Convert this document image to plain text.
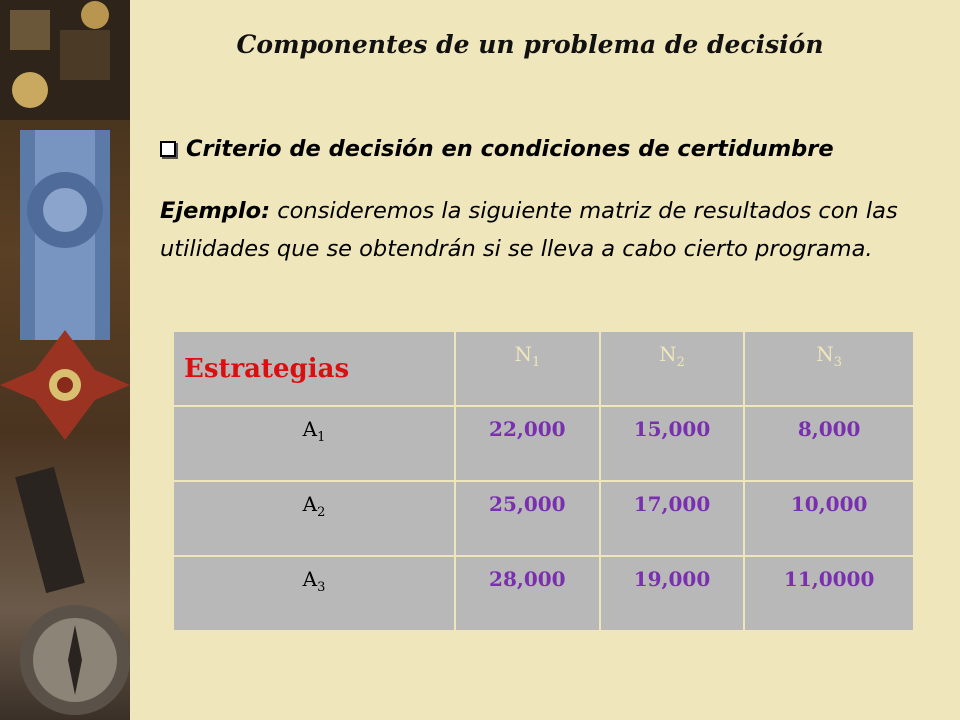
Componentes de un problema de decisión
Criterio de decisión en condiciones de certidumbre
Ejemplo: consideremos la siguiente matriz de resultados con las utilidades que se obtendrán si se lleva a cabo cierto programa.
Estrategias	$N_1$	$N_2$	$N_3$
$A_1$	22,000	15,000	8,000
$A_2$	25,000	17,000	10,000
$A_3$	28,000	19,000	11,0000
